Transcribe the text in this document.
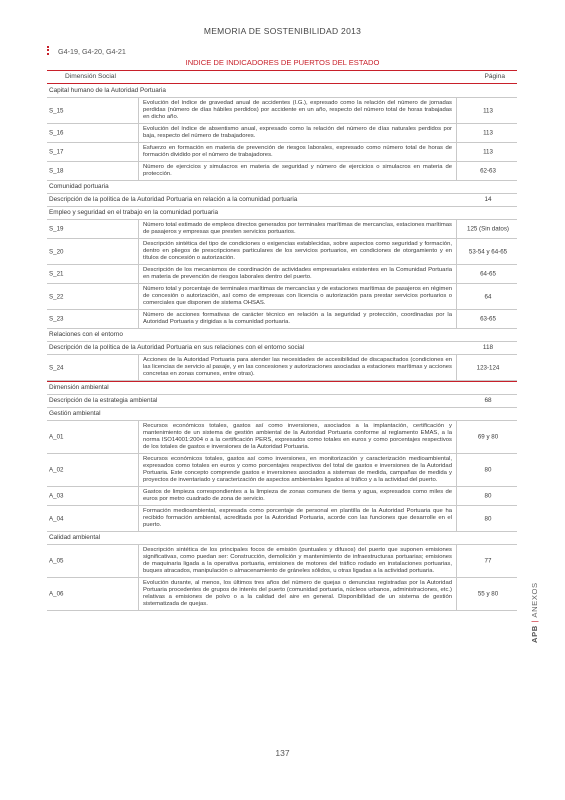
MEMORIA DE SOSTENIBILIDAD 2013
G4-19, G4-20, G4-21
INDICE DE INDICADORES DE PUERTOS DEL ESTADO
Dimensión Social	Página
Capital humano de la Autoridad Portuaria
S_15
Evolución del índice de gravedad anual de accidentes (I.G.), expresado como la relación del número de jornadas perdidas (número de días hábiles perdidos) por accidente en un año, respecto del número total de horas trabajadas en dicho año.
113
S_16
Evolución del índice de absentismo anual, expresado como la relación del número de días naturales perdidos por baja, respecto del número de trabajadores.	113
S_17
Esfuerzo en formación en materia de prevención de riesgos laborales, expresado como número total de horas de formación dividido por el número de trabajadores.	113
S_18
Número de ejercicios y simulacros en materia de seguridad y número de ejercicios o simulacros en materia de protección.	62-63
Comunidad portuaria
Descripción de la política de la Autoridad Portuaria en relación a la comunidad portuaria	14
Empleo y seguridad en el trabajo en la comunidad portuaria
S_19
Número total estimado de empleos directos generados por terminales marítimas de mercancías, estaciones marítimas de pasajeros y empresas que presten servicios portuarios.	125 (Sin datos)
S_20
Descripción sintética del tipo de condiciones o exigencias establecidas, sobre aspectos como seguridad y formación, dentro en pliegos de prescripciones particulares de los servicios portuarios, en condiciones de otorgamiento y en títulos de concesión o autorización.
53-54 y 64-65
S_21
Descripción de los mecanismos de coordinación de actividades empresariales existentes en la Comunidad Portuaria en materia de prevención de riesgos laborales dentro del puerto.	64-65
S_22
Número total y porcentaje de terminales marítimas de mercancías y de estaciones marítimas de pasajeros en régimen de concesión o autorización, así como de empresas con licencia o autorización para prestar servicios portuarios o comerciales que disponen de sistema OHSAS.
64
S_23
Número de acciones formativas de carácter técnico en relación a la seguridad y protección, coordinadas por la Autoridad Portuaria y dirigidas a la comunidad portuaria.	63-65
Relaciones con el entorno
Descripción de la política de la Autoridad Portuaria en sus relaciones con el entorno social	118
S_24
Acciones de la Autoridad Portuaria para atender las necesidades de accesibilidad de discapacitados (condiciones en las licencias de servicio al pasaje, y en las concesiones y autorizaciones asociadas a estaciones marítimas y acciones concretas en zonas comunes, entre otras).
123-124
Dimensión ambiental
Descripción de la estrategia ambiental	68
Gestión ambiental
A_01
Recursos económicos totales, gastos así como inversiones, asociados a la implantación, certificación y mantenimiento de un sistema de gestión ambiental de la Autoridad Portuaria conforme al reglamento EMAS, a la norma ISO14001:2004 o a la certificación PERS, expresados como totales en euros y como porcentajes respectivos de los totales de gastos e inversiones de la Autoridad Portuaria.
69 y 80
A_02
Recursos económicos totales, gastos así como inversiones, en monitorización y caracterización medioambiental, expresados como totales en euros y como porcentajes respectivos del total de gastos e inversiones de la Autoridad Portuaria. Este concepto comprende gastos e inversiones asociados a sistemas de medida, campañas de medida y proyectos de inventariado y caracterización de aspectos ambientales ligados al tráfico y a la actividad del puerto.
80
A_03
Gastos de limpieza correspondientes a la limpieza de zonas comunes de tierra y agua, expresados como miles de euros por metro cuadrado de zona de servicio.	80
A_04
Formación medioambiental, expresada como porcentaje de personal en plantilla de la Autoridad Portuaria que ha recibido formación ambiental, acreditada por la Autoridad Portuaria, acorde con las funciones que desarrolle en el puerto.
80
Calidad ambiental
A_05
Descripción sintética de los principales focos de emisión (puntuales y difusos) del puerto que suponen emisiones significativas, como puedan ser: Construcción, demolición y mantenimiento de infraestructuras portuarias; emisiones de maquinaria ligada a la operativa portuaria, emisiones de motores del tráfico rodado en instalaciones portuarias, buques atracados, manipulación o almacenamiento de gráneles sólidos, u otras ligadas a la actividad portuaria.
77
A_06
Evolución durante, al menos, los últimos tres años del número de quejas o denuncias registradas por la Autoridad Portuaria procedentes de grupos de interés del puerto (comunidad portuaria, núcleos urbanos, administraciones, etc.) relativas a emisiones de polvo o a la calidad del aire en general. Disponibilidad de un sistema de gestión sistematizada de quejas.
55 y 80
APB | ANEXOS
137
